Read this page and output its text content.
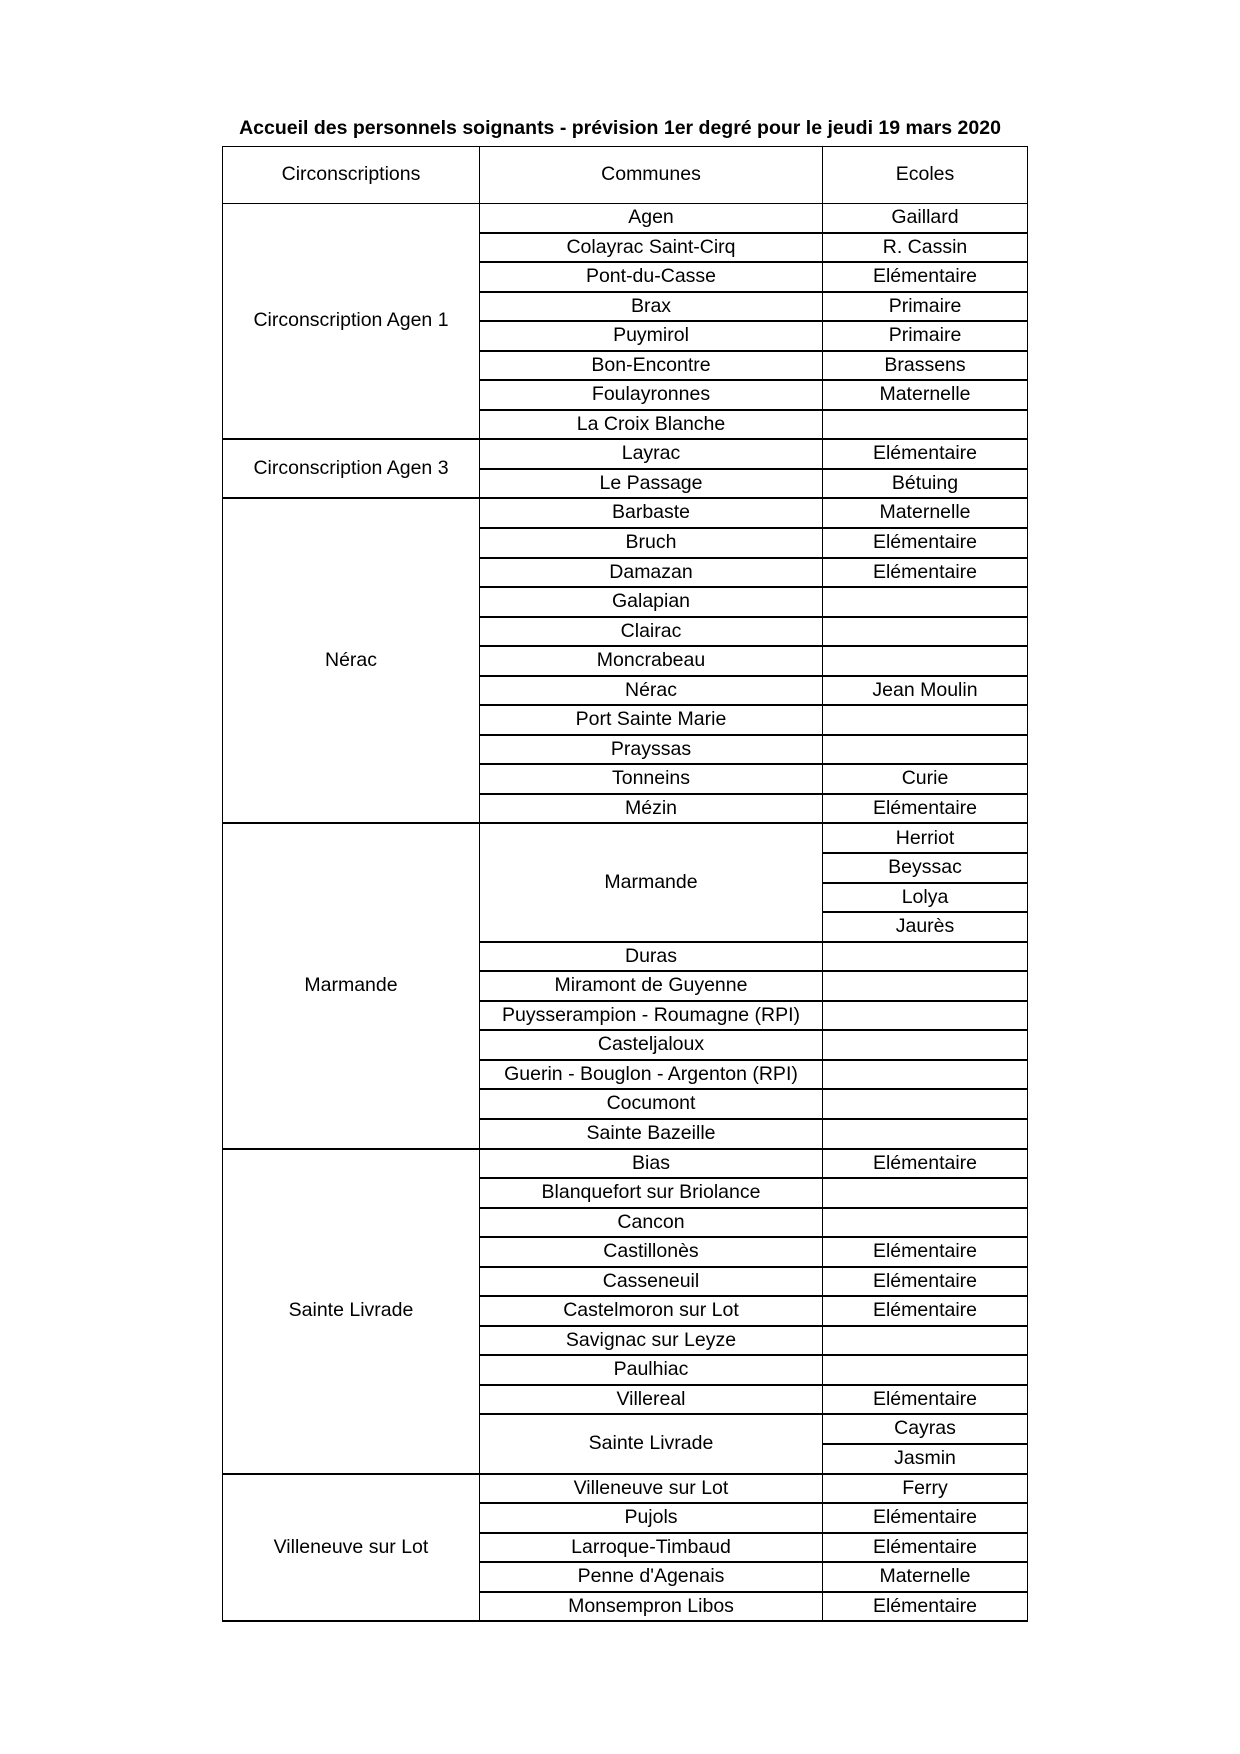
Accueil des personnels soignants - prévision 1er degré pour le jeudi 19 mars 2020
Circonscriptions	Communes	Ecoles
Circonscription Agen 1	Agen	Gaillard
	Colayrac Saint-Cirq	R. Cassin
	Pont-du-Casse	Elémentaire
	Brax	Primaire
	Puymirol	Primaire
	Bon-Encontre	Brassens
	Foulayronnes	Maternelle
	La Croix Blanche	
Circonscription Agen 3	Layrac	Elémentaire
	Le Passage	Bétuing
Nérac	Barbaste	Maternelle
	Bruch	Elémentaire
	Damazan	Elémentaire
	Galapian	
	Clairac	
	Moncrabeau	
	Nérac	Jean Moulin
	Port Sainte Marie	
	Prayssas	
	Tonneins	Curie
	Mézin	Elémentaire
Marmande	Marmande	Herriot
		Beyssac
		Lolya
		Jaurès
	Duras	
	Miramont de Guyenne	
	Puysserampion - Roumagne (RPI)	
	Casteljaloux	
	Guerin - Bouglon - Argenton (RPI)	
	Cocumont	
	Sainte Bazeille	
Sainte Livrade	Bias	Elémentaire
	Blanquefort sur Briolance	
	Cancon	
	Castillonès	Elémentaire
	Casseneuil	Elémentaire
	Castelmoron sur Lot	Elémentaire
	Savignac sur Leyze	
	Paulhiac	
	Villereal	Elémentaire
	Sainte Livrade	Cayras
		Jasmin
Villeneuve sur Lot	Villeneuve sur Lot	Ferry
	Pujols	Elémentaire
	Larroque-Timbaud	Elémentaire
	Penne d'Agenais	Maternelle
	Monsempron Libos	Elémentaire
